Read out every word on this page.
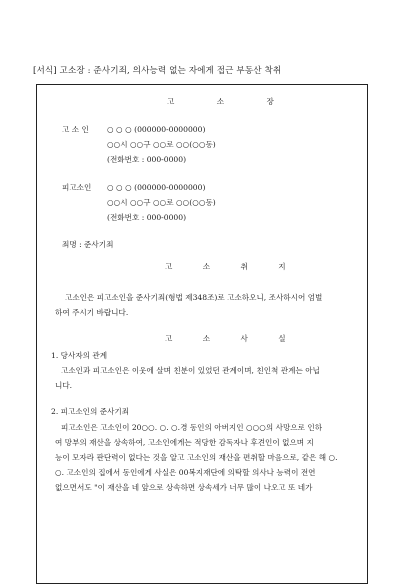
[서식] 고소장 : 준사기죄, 의사능력 없는 자에게 접근 부동산 착취
고 소 장
고 소 인 ○ ○ ○ (000000-0000000)
○○시 ○○구 ○○로 ○○(○○동)
(전화번호 : 000-0000)
피고소인 ○ ○ ○ (000000-0000000)
○○시 ○○구 ○○로 ○○(○○동)
(전화번호 : 000-0000)
죄명 : 준사기죄
고 소 취 지
고소인은 피고소인을 준사기죄(형법 제348조)로 고소하오니, 조사하시어 엄벌
하여 주시기 바랍니다.
고 소 사 실
1. 당사자의 관계
고소인과 피고소인은 이웃에 살며 친분이 있었던 관계이며, 친인척 관계는 아닙
니다.
2. 피고소인의 준사기죄
피고소인은 고소인이 20○○. ○. ○.경 동인의 아버지인 ○○○의 사망으로 인하
여 망부의 재산을 상속하여, 고소인에게는 적당한 감독자나 후견인이 없으며 지
능이 모자라 판단력이 없다는 것을 알고 고소인의 재산을 편취할 마음으로, 같은 해 ○.
○. 고소인의 집에서 동인에게 사실은 00복지재단에 의탁할 의사나 능력이 전연
없으면서도 "이 재산을 네 앞으로 상속하면 상속세가 너무 많이 나오고 또 네가
